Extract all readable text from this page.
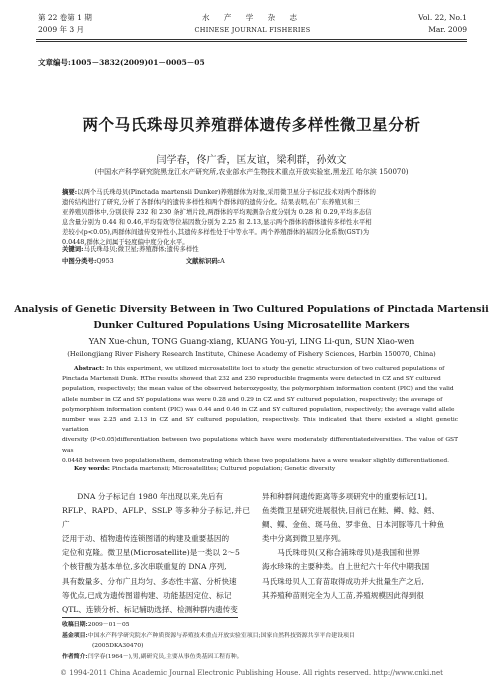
第 22 卷第 1 期
2009 年 3 月
水 产 学 杂 志
CHINESE JOURNAL FISHERIES
Vol. 22, No.1
Mar. 2009
文章编号:1005－3832(2009)01－0005－05
两个马氏珠母贝养殖群体遗传多样性微卫星分析
闫学春，佟广香，匡友谊，梁利群，孙效文
(中国水产科学研究院黑龙江水产研究所,农业部水产生物技术重点开放实验室,黑龙江 哈尔滨 150070)
摘要:以两个马氏珠母贝(Pinctada martensii Dunker)养殖群体为对象,采用微卫星分子标记技术对两个群体的
遗传结构进行了研究,分析了各群体内的遗传多样性和两个群体间的遗传分化。结果表明,在广东养殖贝和三
亚养殖贝群体中,分别获得 232 和 230 条扩增片段,两群体的平均观测杂合度分别为 0.28 和 0.29,平均多态信
息含量分别为 0.44 和 0.46,平均有效等位基因数分别为 2.25 和 2.13,显示两个群体的群体遗传多样性水平相
差较小(p<0.05),两群体间遗传变异性小,其遗传多样性处于中等水平。两个养殖群体的基因分化系数(GST)为
0.0448,群体之间属于轻度偏中度分化水平。
关键词:马氏珠母贝;微卫星;养殖群体;遗传多样性
中图分类号:Q953	文献标识码:A
Analysis of Genetic Diversity Between in Two Cultured Populations of Pinctada Martensii
Dunker Cultured Populations Using Microsatellite Markers
YAN Xue-chun, TONG Guang-xiang, KUANG You-yi, LING Li-qun, SUN Xiao-wen
(Heilongjiang River Fishery Research Institute, Chinese Academy of Fishery Sciences, Harbin 150070, China)
Abstract: In this experiment, we utilized microsatellite loci to study the genetic structursion of two cultured populations of
Pinctada Martensii Dunk. RThe results showed that 232 and 230 reproducible fragments were detected in CZ and SY cultured
population, respectively; the mean value of the observed heterozygosity, the polymorphism information content (PIC) and the valid
allele number in CZ and SY populations was were 0.28 and 0.29 in CZ and SY cultured population, respectively; the average of
polymorphism information content (PIC) was 0.44 and 0.46 in CZ and SY cultured population, respectively; the average valid allele
number was 2.25 and 2.13 in CZ and SY cultured population, respectively. This indicated that there existed a slight genetic variation
diversity (P<0.05)differentiation between two populations which have were moderately differentiatedeiversities. The value of GST was
0.0448 between two populationsthem, demonstrating which these two populations have a were weaker slightly differentiationed.
Key words: Pinctada martensii; Microsatellites; Cultured population; Genetic diversity
DNA 分子标记自 1980 年出现以来,先后有
RFLP、RAPD、AFLP、SSLP 等多种分子标记,并已广
泛用于动、植物遗传连锁图谱的构建及重要基因的
定位和克隆。微卫星(Microsatellite)是一类以 2～5
个核苷酸为基本单位,多次串联重复的 DNA 序列,
具有数量多、分布广且均匀、多态性丰富、分析快速
等优点,已成为遗传图谱构建、功能基因定位、标记
QTL、连锁分析、标记辅助选择、检测种群内遗传变
异和种群间遗传距离等多项研究中的重要标记[1]。
鱼类微卫星研究进展很快,目前已在鲑、鳟、鲶、鳕、
鲷、鲽、金鱼、斑马鱼、罗非鱼、日本河豚等几十种鱼
类中分离到微卫星序列。
马氏珠母贝(又称合浦珠母贝)是我国和世界
海水珍珠的主要种类。自上世纪六十年代中期我国
马氏珠母贝人工育苗取得成功并大批量生产之后,
其养殖种苗则完全为人工苗,养殖规模因此得到很
收稿日期:2009－01－05
基金项目:中国水产科学研究院水产种质资源与养殖技术重点开放实验室项目;国家自然科技资源共享平台建设项目
(2005DKA30470)
作者简介:闫学春(1964－),男,副研究员,主要从事鱼类基因工程育种。
© 1994-2011 China Academic Journal Electronic Publishing House. All rights reserved. http://www.cnki.net
